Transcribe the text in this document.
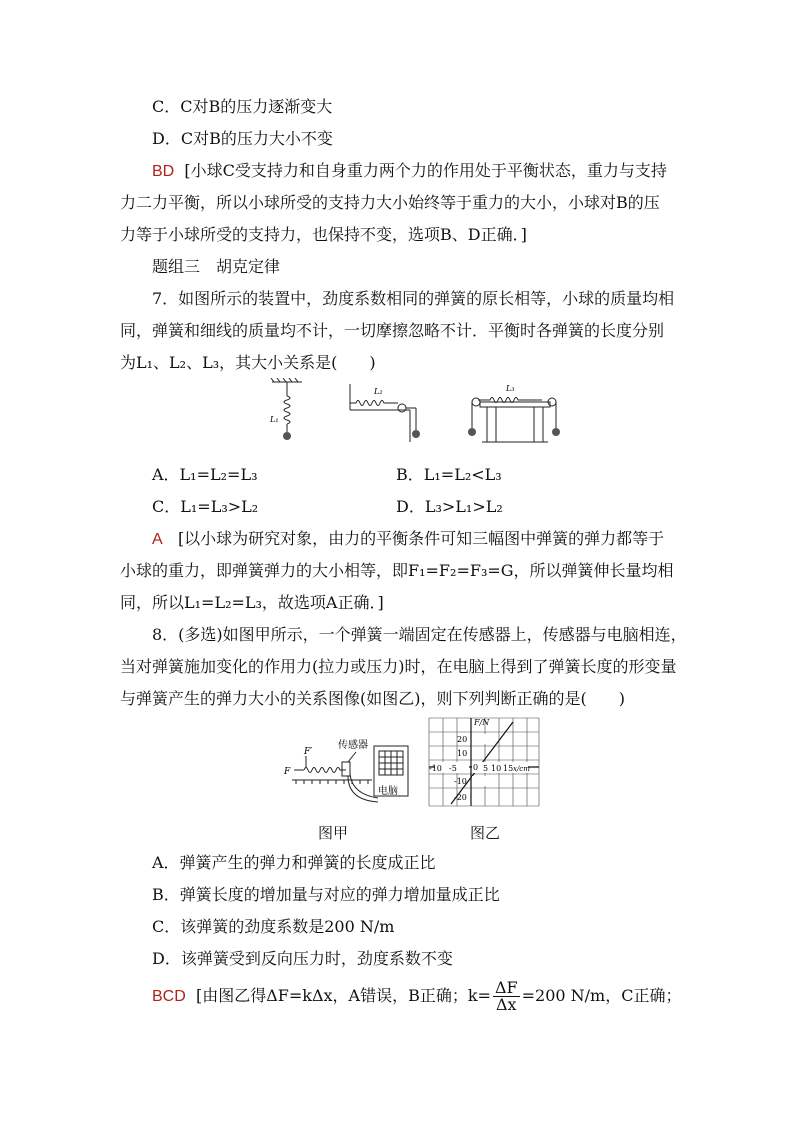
C．C对B的压力逐渐变大
D．C对B的压力大小不变
BD [小球C受支持力和自身重力两个力的作用处于平衡状态，重力与支持
力二力平衡，所以小球所受的支持力大小始终等于重力的大小，小球对B的压
力等于小球所受的支持力，也保持不变，选项B、D正确．]
题组三　胡克定律
7．如图所示的装置中，劲度系数相同的弹簧的原长相等，小球的质量均相
同，弹簧和细线的质量均不计，一切摩擦忽略不计．平衡时各弹簧的长度分别
为L₁、L₂、L₃，其大小关系是(　　)
L₁
L₂	L₃
A．L₁=L₂=L₃	B．L₁=L₂<L₃
C．L₁=L₃>L₂	D．L₃>L₁>L₂
A [以小球为研究对象，由力的平衡条件可知三幅图中弹簧的弹力都等于
小球的重力，即弹簧弹力的大小相等，即F₁=F₂=F₃=G，所以弹簧伸长量均相
同，所以L₁=L₂=L₃，故选项A正确．]
8．(多选)如图甲所示，一个弹簧一端固定在传感器上，传感器与电脑相连，
当对弹簧施加变化的作用力(拉力或压力)时，在电脑上得到了弹簧长度的形变量
与弹簧产生的弹力大小的关系图像(如图乙)，则下列判断正确的是(　　)
F
F′
传感器
电脑
F/N
20
10
0
-10
-20
-10 -5	5 10 15 x/cm
图甲	图乙
A．弹簧产生的弹力和弹簧的长度成正比
B．弹簧长度的增加量与对应的弹力增加量成正比
C．该弹簧的劲度系数是200 N/m
D．该弹簧受到反向压力时，劲度系数不变
BCD [由图乙得ΔF=kΔx，A错误，B正确；$k= \frac{\Delta F}{\Delta x} =200$ N/m，C正确；
